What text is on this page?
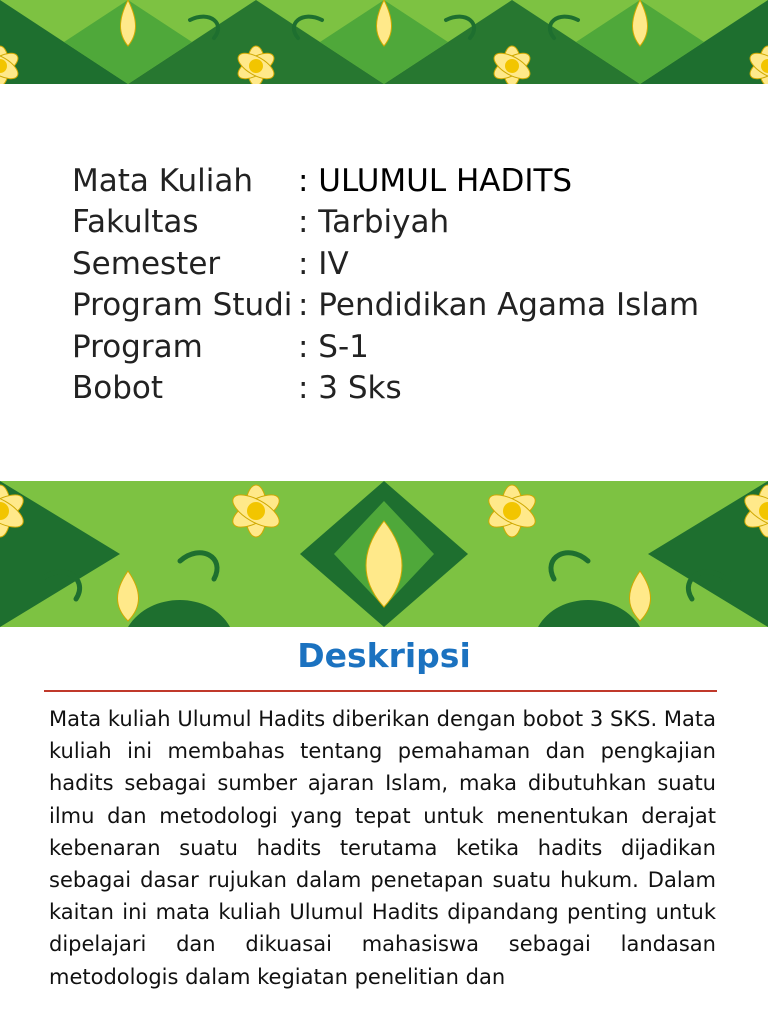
Mata Kuliah	: ULUMUL HADITS
Fakultas	: Tarbiyah
Semester	: IV
Program Studi : Pendidikan Agama Islam
Program	: S-1
Bobot	: 3 Sks
Deskripsi
Mata kuliah Ulumul Hadits diberikan dengan bobot 3 SKS. Mata kuliah ini membahas tentang pemahaman dan pengkajian hadits sebagai sumber ajaran Islam, maka dibutuhkan suatu ilmu dan metodologi yang tepat untuk menentukan derajat kebenaran suatu hadits terutama ketika hadits dijadikan sebagai dasar rujukan dalam penetapan suatu hukum. Dalam kaitan ini mata kuliah Ulumul Hadits dipandang penting untuk dipelajari dan dikuasai mahasiswa sebagai landasan metodologis dalam kegiatan penelitian dan
